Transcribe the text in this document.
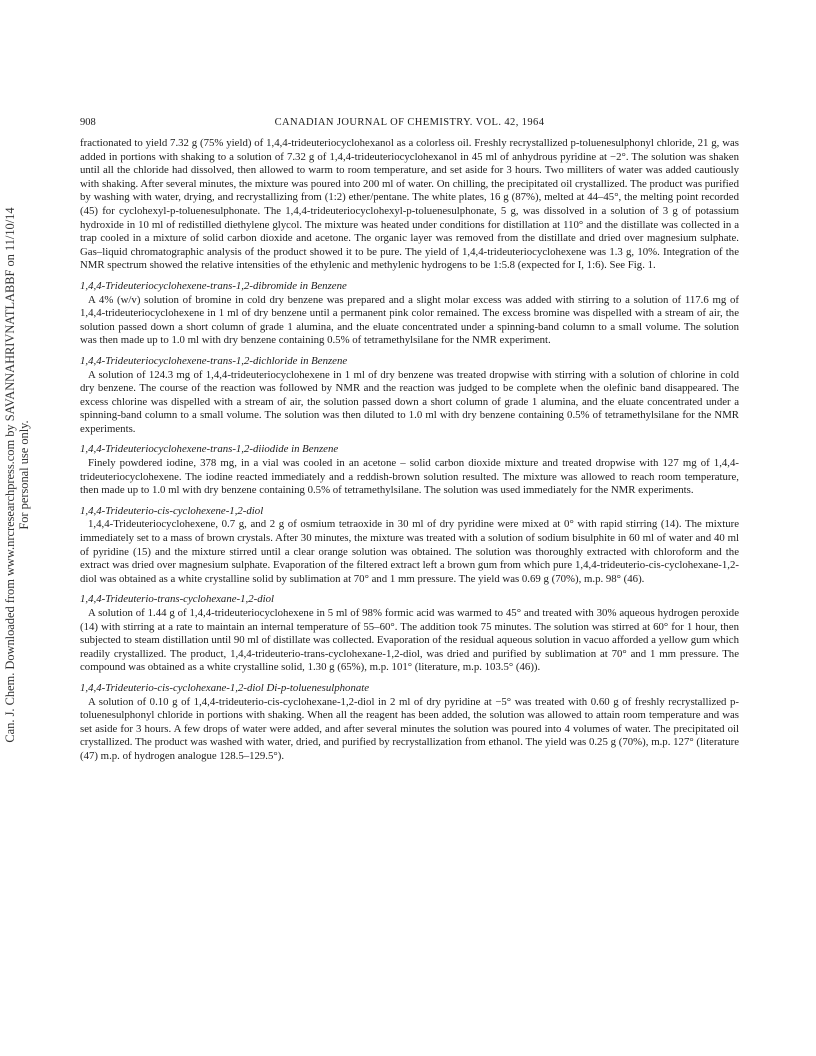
Can. J. Chem. Downloaded from www.nrcresearchpress.com by SAVANNAHRIVNATLABBF on 11/10/14 For personal use only.
908	CANADIAN JOURNAL OF CHEMISTRY. VOL. 42, 1964

fractionated to yield 7.32 g (75% yield) of 1,4,4-trideuteriocyclohexanol as a colorless oil. Freshly recrystallized p-toluenesulphonyl chloride, 21 g, was added in portions with shaking to a solution of 7.32 g of 1,4,4-trideuteriocyclohexanol in 45 ml of anhydrous pyridine at −2°. The solution was shaken until all the chloride had dissolved, then allowed to warm to room temperature, and set aside for 3 hours. Two milliters of water was added cautiously with shaking. After several minutes, the mixture was poured into 200 ml of water. On chilling, the precipitated oil crystallized. The product was purified by washing with water, drying, and recrystallizing from (1:2) ether/pentane. The white plates, 16 g (87%), melted at 44–45°, the melting point recorded (45) for cyclohexyl-p-toluenesulphonate. The 1,4,4-trideuteriocyclohexyl-p-toluenesulphonate, 5 g, was dissolved in a solution of 3 g of potassium hydroxide in 10 ml of redistilled diethylene glycol. The mixture was heated under conditions for distillation at 110° and the distillate was collected in a trap cooled in a mixture of solid carbon dioxide and acetone. The organic layer was removed from the distillate and dried over magnesium sulphate. Gas–liquid chromatographic analysis of the product showed it to be pure. The yield of 1,4,4-trideuteriocyclohexene was 1.3 g, 10%. Integration of the NMR spectrum showed the relative intensities of the ethylenic and methylenic hydrogens to be 1:5.8 (expected for I, 1:6). See Fig. 1.

1,4,4-Trideuteriocyclohexene-trans-1,2-dibromide in Benzene

A 4% (w/v) solution of bromine in cold dry benzene was prepared and a slight molar excess was added with stirring to a solution of 117.6 mg of 1,4,4-trideuteriocyclohexene in 1 ml of dry benzene until a permanent pink color remained. The excess bromine was dispelled with a stream of air, the solution passed down a short column of grade 1 alumina, and the eluate concentrated under a spinning-band column to a small volume. The solution was then made up to 1.0 ml with dry benzene containing 0.5% of tetramethylsilane for the NMR experiment.

1,4,4-Trideuteriocyclohexene-trans-1,2-dichloride in Benzene

A solution of 124.3 mg of 1,4,4-trideuteriocyclohexene in 1 ml of dry benzene was treated dropwise with stirring with a solution of chlorine in cold dry benzene. The course of the reaction was followed by NMR and the reaction was judged to be complete when the olefinic band disappeared. The excess chlorine was dispelled with a stream of air, the solution passed down a short column of grade 1 alumina, and the eluate concentrated under a spinning-band column to a small volume. The solution was then diluted to 1.0 ml with dry benzene containing 0.5% of tetramethylsilane for the NMR experiments.

1,4,4-Trideuteriocyclohexene-trans-1,2-diiodide in Benzene

Finely powdered iodine, 378 mg, in a vial was cooled in an acetone – solid carbon dioxide mixture and treated dropwise with 127 mg of 1,4,4-trideuteriocyclohexene. The iodine reacted immediately and a reddish-brown solution resulted. The mixture was allowed to reach room temperature, then made up to 1.0 ml with dry benzene containing 0.5% of tetramethylsilane. The solution was used immediately for the NMR experiments.

1,4,4-Trideuterio-cis-cyclohexene-1,2-diol

1,4,4-Trideuteriocyclohexene, 0.7 g, and 2 g of osmium tetraoxide in 30 ml of dry pyridine were mixed at 0° with rapid stirring (14). The mixture immediately set to a mass of brown crystals. After 30 minutes, the mixture was treated with a solution of sodium bisulphite in 60 ml of water and 40 ml of pyridine (15) and the mixture stirred until a clear orange solution was obtained. The solution was thoroughly extracted with chloroform and the extract was dried over magnesium sulphate. Evaporation of the filtered extract left a brown gum from which pure 1,4,4-trideuterio-cis-cyclohexane-1,2-diol was obtained as a white crystalline solid by sublimation at 70° and 1 mm pressure. The yield was 0.69 g (70%), m.p. 98° (46).

1,4,4-Trideuterio-trans-cyclohexane-1,2-diol

A solution of 1.44 g of 1,4,4-trideuteriocyclohexene in 5 ml of 98% formic acid was warmed to 45° and treated with 30% aqueous hydrogen peroxide (14) with stirring at a rate to maintain an internal temperature of 55–60°. The addition took 75 minutes. The solution was stirred at 60° for 1 hour, then subjected to steam distillation until 90 ml of distillate was collected. Evaporation of the residual aqueous solution in vacuo afforded a yellow gum which readily crystallized. The product, 1,4,4-trideuterio-trans-cyclohexane-1,2-diol, was dried and purified by sublimation at 70° and 1 mm pressure. The compound was obtained as a white crystalline solid, 1.30 g (65%), m.p. 101° (literature, m.p. 103.5° (46)).

1,4,4-Trideuterio-cis-cyclohexane-1,2-diol Di-p-toluenesulphonate

A solution of 0.10 g of 1,4,4-trideuterio-cis-cyclohexane-1,2-diol in 2 ml of dry pyridine at −5° was treated with 0.60 g of freshly recrystallized p-toluenesulphonyl chloride in portions with shaking. When all the reagent has been added, the solution was allowed to attain room temperature and was set aside for 3 hours. A few drops of water were added, and after several minutes the solution was poured into 4 volumes of water. The precipitated oil crystallized. The product was washed with water, dried, and purified by recrystallization from ethanol. The yield was 0.25 g (70%), m.p. 127° (literature (47) m.p. of hydrogen analogue 128.5–129.5°).
